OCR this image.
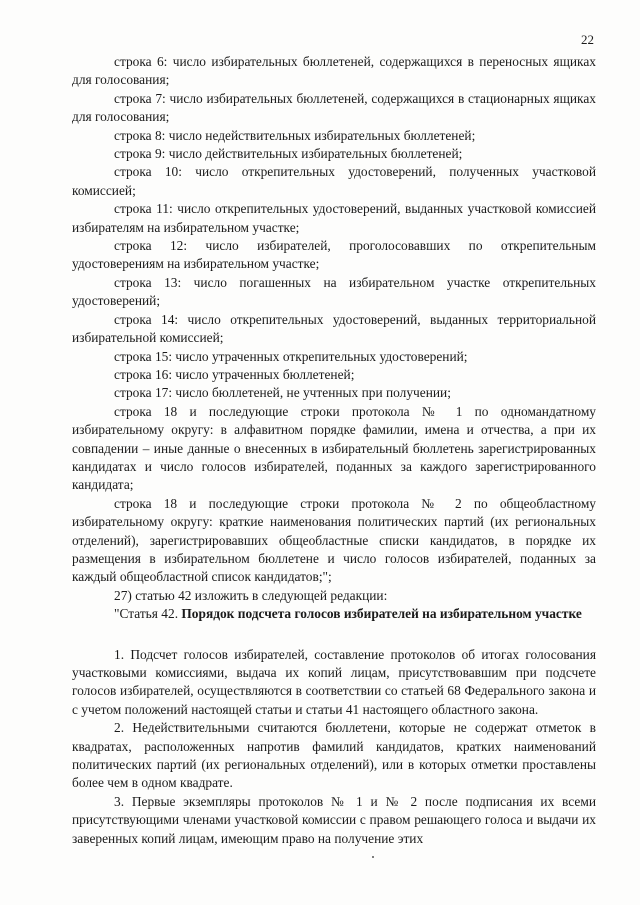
22

строка 6: число избирательных бюллетеней, содержащихся в переносных ящиках для голосования;

строка 7: число избирательных бюллетеней, содержащихся в стационарных ящиках для голосования;

строка 8: число недействительных избирательных бюллетеней;

строка 9: число действительных избирательных бюллетеней;

строка 10: число открепительных удостоверений, полученных участковой комиссией;

строка 11: число открепительных удостоверений, выданных участковой комиссией избирателям на избирательном участке;

строка 12: число избирателей, проголосовавших по открепительным удостоверениям на избирательном участке;

строка 13: число погашенных на избирательном участке открепительных удостоверений;

строка 14: число открепительных удостоверений, выданных территориальной избирательной комиссией;

строка 15: число утраченных открепительных удостоверений;

строка 16: число утраченных бюллетеней;

строка 17: число бюллетеней, не учтенных при получении;

строка 18 и последующие строки протокола № 1 по одномандатному избирательному округу: в алфавитном порядке фамилии, имена и отчества, а при их совпадении – иные данные о внесенных в избирательный бюллетень зарегистрированных кандидатах и число голосов избирателей, поданных за каждого зарегистрированного кандидата;

строка 18 и последующие строки протокола № 2 по общеобластному избирательному округу: краткие наименования политических партий (их региональных отделений), зарегистрировавших общеобластные списки кандидатов, в порядке их размещения в избирательном бюллетене и число голосов избирателей, поданных за каждый общеобластной список кандидатов;";

27) статью 42 изложить в следующей редакции:

"Статья 42. Порядок подсчета голосов избирателей на избирательном участке

1. Подсчет голосов избирателей, составление протоколов об итогах голосования участковыми комиссиями, выдача их копий лицам, присутствовавшим при подсчете голосов избирателей, осуществляются в соответствии со статьей 68 Федерального закона и с учетом положений настоящей статьи и статьи 41 настоящего областного закона.

2. Недействительными считаются бюллетени, которые не содержат отметок в квадратах, расположенных напротив фамилий кандидатов, кратких наименований политических партий (их региональных отделений), или в которых отметки проставлены более чем в одном квадрате.

3. Первые экземпляры протоколов № 1 и № 2 после подписания их всеми присутствующими членами участковой комиссии с правом решающего голоса и выдачи их заверенных копий лицам, имеющим право на получение этих
